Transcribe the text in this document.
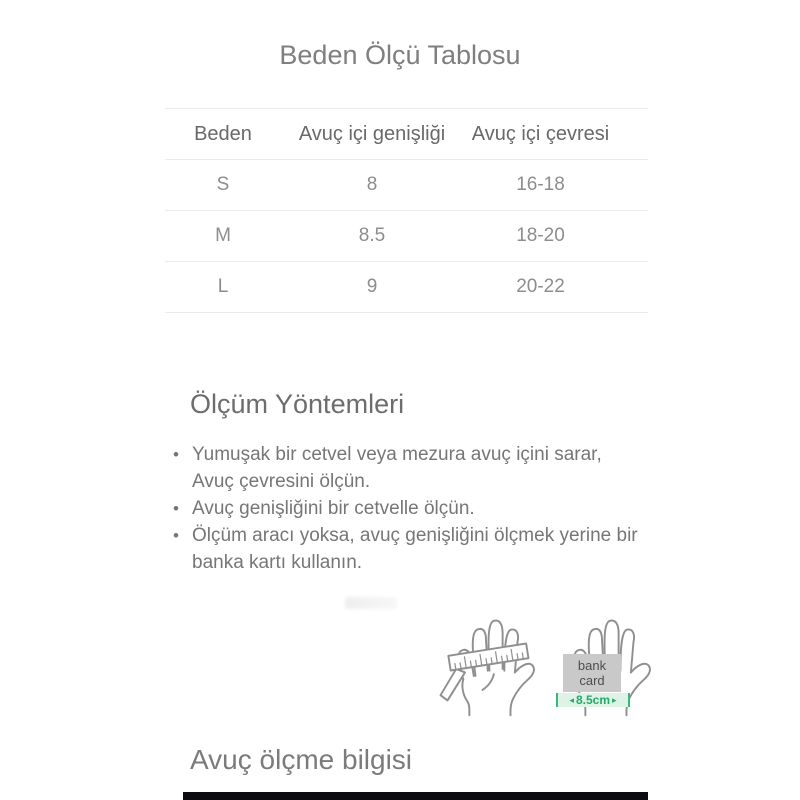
Beden Ölçü Tablosu
Beden	Avuç içi genişliği	Avuç içi çevresi
S	8	16-18
M	8.5	18-20
L	9	20-22
Ölçüm Yöntemleri
• Yumuşak bir cetvel veya mezura avuç içini sarar,
Avuç çevresini ölçün.
• Avuç genişliğini bir cetvelle ölçün.
• Ölçüm aracı yoksa, avuç genişliğini ölçmek yerine bir
banka kartı kullanın.
bank
card
◂ 8.5cm ▸
Avuç ölçme bilgisi
